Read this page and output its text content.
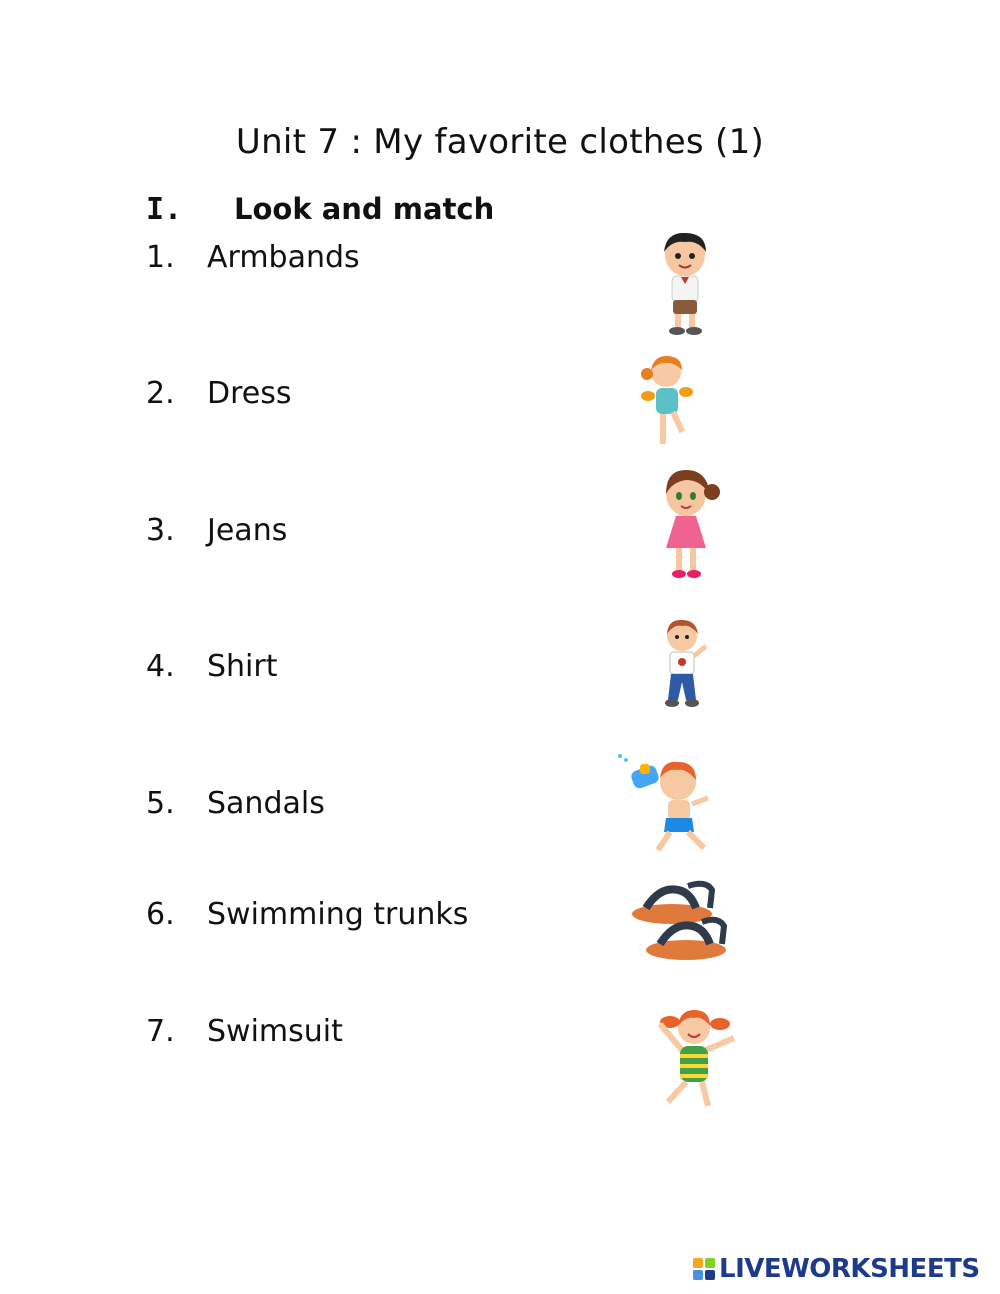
Unit 7 : My favorite clothes (1)
I. Look and match
1. Armbands
2. Dress
3. Jeans
4. Shirt
5. Sandals
6. Swimming trunks
7. Swimsuit
LIVEWORKSHEETS
